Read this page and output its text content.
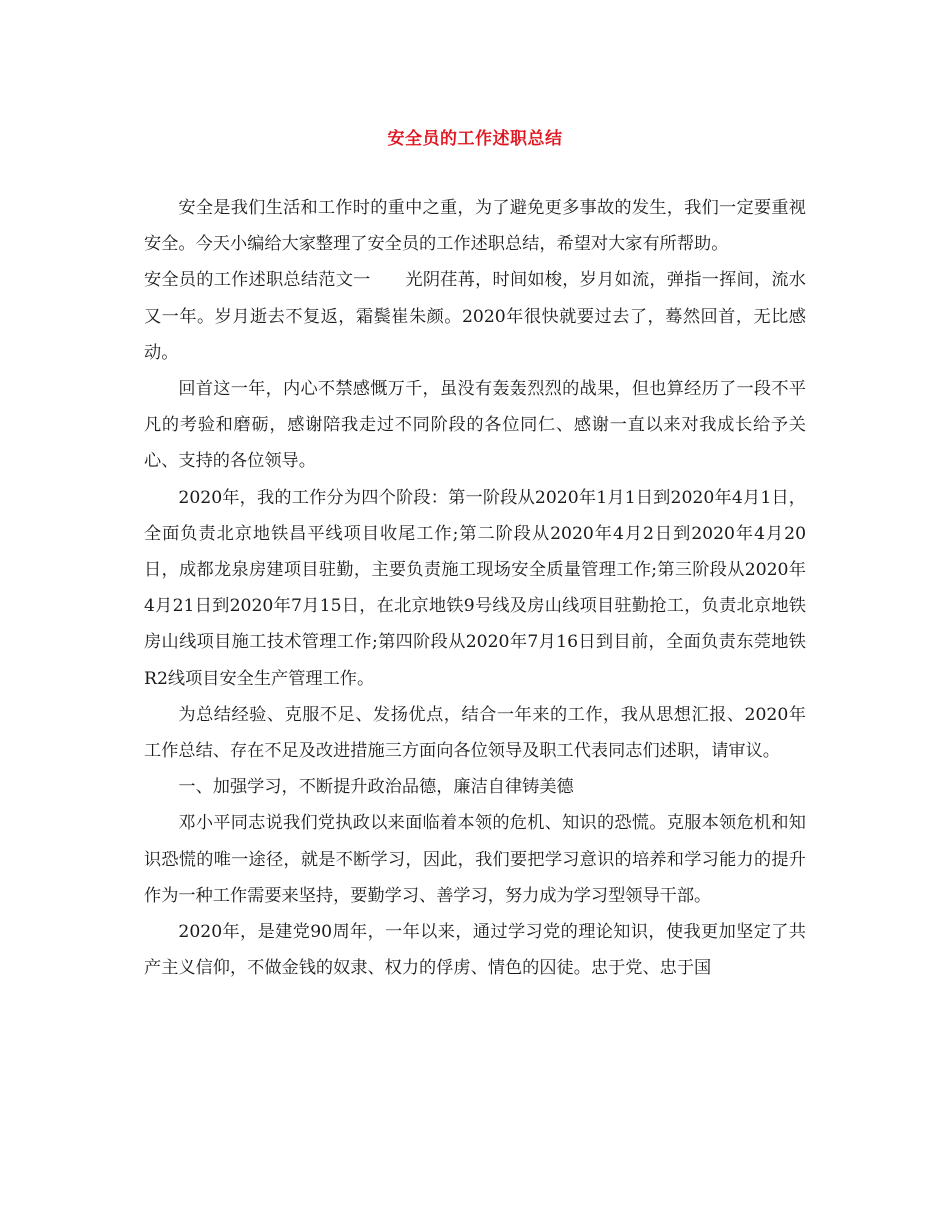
安全员的工作述职总结

安全是我们生活和工作时的重中之重，为了避免更多事故的发生，我们一定要重视安全。今天小编给大家整理了安全员的工作述职总结，希望对大家有所帮助。

安全员的工作述职总结范文一　　光阴荏苒，时间如梭，岁月如流，弹指一挥间，流水又一年。岁月逝去不复返，霜鬓崔朱颜。2020年很快就要过去了，蓦然回首，无比感动。

回首这一年，内心不禁感慨万千，虽没有轰轰烈烈的战果，但也算经历了一段不平凡的考验和磨砺，感谢陪我走过不同阶段的各位同仁、感谢一直以来对我成长给予关心、支持的各位领导。

2020年，我的工作分为四个阶段：第一阶段从2020年1月1日到2020年4月1日，全面负责北京地铁昌平线项目收尾工作;第二阶段从2020年4月2日到2020年4月20日，成都龙泉房建项目驻勤，主要负责施工现场安全质量管理工作;第三阶段从2020年4月21日到2020年7月15日，在北京地铁9号线及房山线项目驻勤抢工，负责北京地铁房山线项目施工技术管理工作;第四阶段从2020年7月16日到目前，全面负责东莞地铁R2线项目安全生产管理工作。

为总结经验、克服不足、发扬优点，结合一年来的工作，我从思想汇报、2020年工作总结、存在不足及改进措施三方面向各位领导及职工代表同志们述职，请审议。

一、加强学习，不断提升政治品德，廉洁自律铸美德

邓小平同志说我们党执政以来面临着本领的危机、知识的恐慌。克服本领危机和知识恐慌的唯一途径，就是不断学习，因此，我们要把学习意识的培养和学习能力的提升作为一种工作需要来坚持，要勤学习、善学习，努力成为学习型领导干部。

2020年，是建党90周年，一年以来，通过学习党的理论知识，使我更加坚定了共产主义信仰，不做金钱的奴隶、权力的俘虏、情色的囚徒。忠于党、忠于国
